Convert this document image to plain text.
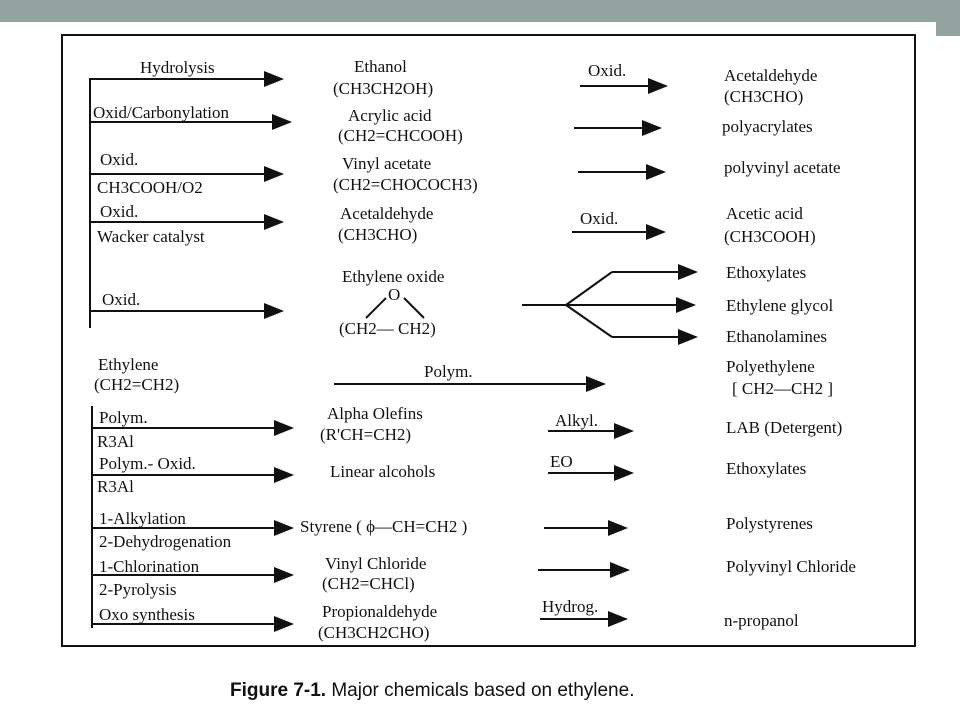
Hydrolysis
Oxid/Carbonylation
Oxid.
CH3COOH/O2
Oxid.
Wacker catalyst
Oxid.
Ethanol
(CH3CH2OH)
Acrylic acid
(CH2=CHCOOH)
Vinyl acetate
(CH2=CHOCOCH3)
Acetaldehyde
(CH3CHO)
Ethylene oxide
O
(CH2— CH2)
Ethylene
(CH2=CH2)
Alpha Olefins
(R'CH=CH2)
Linear alcohols
Styrene ( ϕ—CH=CH2 )
Vinyl Chloride
(CH2=CHCl)
Propionaldehyde
(CH3CH2CHO)
Polym.
R3Al
Polym.- Oxid.
R3Al
1-Alkylation
2-Dehydrogenation
1-Chlorination
2-Pyrolysis
Oxo synthesis
Oxid.
Oxid.
Polym.
Alkyl.
EO
Hydrog.
Acetaldehyde
(CH3CHO)
polyacrylates
polyvinyl acetate
Acetic acid
(CH3COOH)
Ethoxylates
Ethylene glycol
Ethanolamines
Polyethylene
[ CH2—CH2 ]
LAB (Detergent)
Ethoxylates
Polystyrenes
Polyvinyl Chloride
n-propanol
Figure 7-1. Major chemicals based on ethylene.
